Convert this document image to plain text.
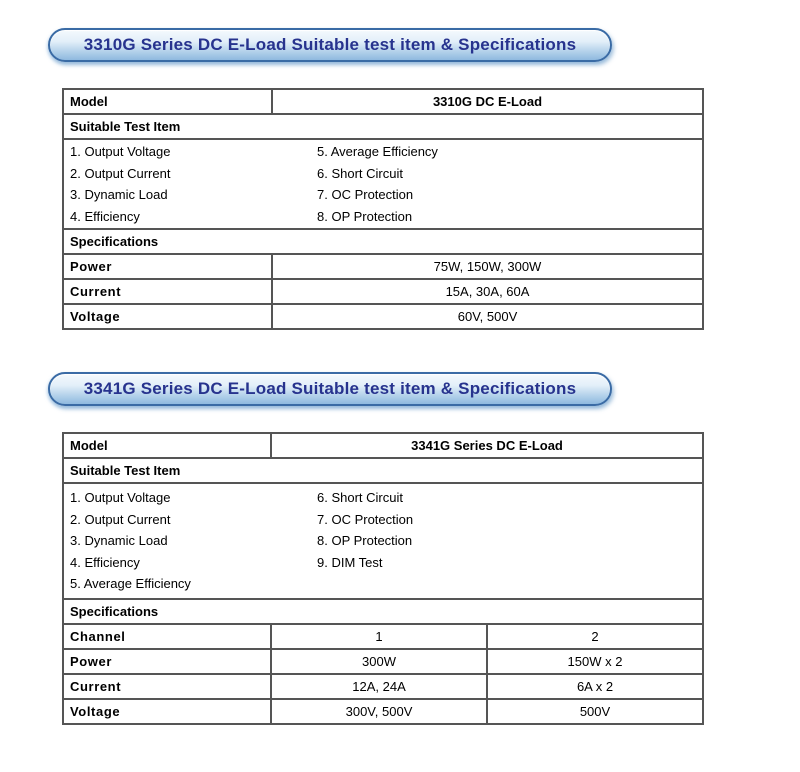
3310G Series DC E-Load Suitable test item & Specifications
Model	3310G DC E-Load
Suitable Test Item	

1. Output Voltage
2. Output Current
3. Dynamic Load
4. Efficiency
5. Average Efficiency
6. Short Circuit
7. OC Protection
8. OP Protection

Specifications	
Power	75W, 150W, 300W
Current	15A, 30A, 60A
Voltage	60V, 500V
3341G Series DC E-Load Suitable test item & Specifications
Model	3341G Series DC E-Load	
Suitable Test Item		

1. Output Voltage
2. Output Current
3. Dynamic Load
4. Efficiency
5. Average Efficiency
6. Short Circuit
7. OC Protection
8. OP Protection
9. DIM Test

Specifications		
Channel	1	2
Power	300W	150W x 2
Current	12A, 24A	6A x 2
Voltage	300V, 500V	500V
